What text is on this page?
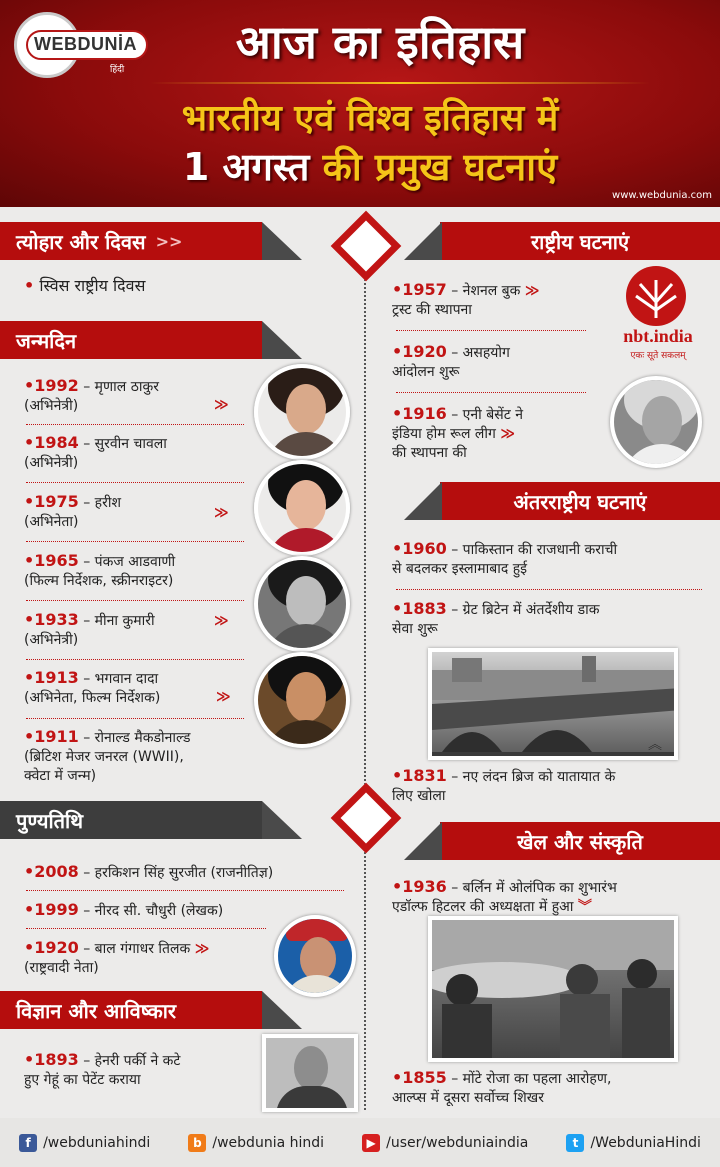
WEBDUNİA
हिंदी
आज का इतिहास
भारतीय एवं विश्व इतिहास में
1 अगस्त की प्रमुख घटनाएं
www.webdunia.com
त्योहार और दिवस >>
• स्विस राष्ट्रीय दिवस
जन्मदिन
•1992 – मृणाल ठाकुर
(अभिनेत्री)	≫
•1984 – सुरवीन चावला
(अभिनेत्री)
•1975 – हरीश
(अभिनेता)
≫
•1965 – पंकज आडवाणी
(फिल्म निर्देशक, स्क्रीनराइटर)
•1933 – मीना कुमारी
(अभिनेत्री)
≫
•1913 – भगवान दादा
(अभिनेता, फिल्म निर्देशक)	≫
•1911 – रोनाल्ड मैकडोनाल्ड
(ब्रिटिश मेजर जनरल (WWII),
क्वेटा में जन्म)
पुण्यतिथि
•2008 – हरकिशन सिंह सुरजीत (राजनीतिज्ञ)
•1999 – नीरद सी. चौधुरी (लेखक)
•1920 – बाल गंगाधर तिलक ≫
(राष्ट्रवादी नेता)
विज्ञान और आविष्कार
•1893 – हेनरी पर्की ने कटे
हुए गेहूं का पेटेंट कराया
राष्ट्रीय घटनाएं
•1957 – नेशनल बुक ≫
ट्रस्ट की स्थापना
•1920 – असहयोग
आंदोलन शुरू
•1916 – एनी बेसेंट ने
इंडिया होम रूल लीग ≫
की स्थापना की
nbt.india
एकः सूते सकलम्
अंतरराष्ट्रीय घटनाएं
•1960 – पाकिस्तान की राजधानी कराची
से बदलकर इस्लामाबाद हुई
•1883 – ग्रेट ब्रिटेन में अंतर्देशीय डाक
सेवा शुरू
︽
•1831 – नए लंदन ब्रिज को यातायात के
लिए खोला
खेल और संस्कृति
•1936 – बर्लिन में ओलंपिक का शुभारंभ
एडॉल्फ हिटलर की अध्यक्षता में हुआ ︾
•1855 – मोंटे रोजा का पहला आरोहण,
आल्प्स में दूसरा सर्वोच्च शिखर
f /webduniahindi	b /webdunia hindi	▶ /user/webduniaindia	t /WebduniaHindi
